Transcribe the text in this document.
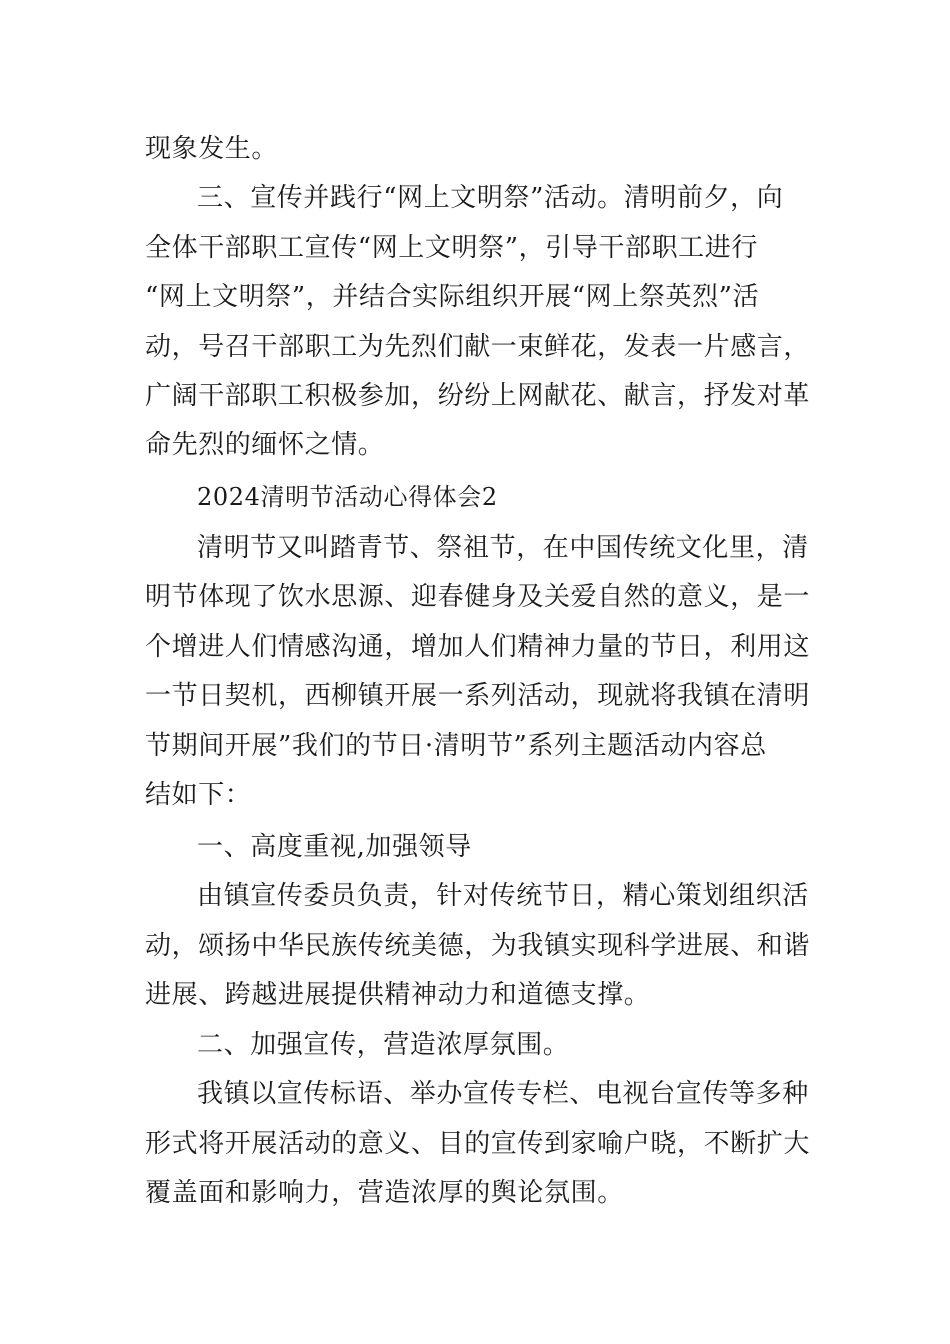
现象发生。
三、宣传并践行“网上文明祭”活动。清明前夕，向
全体干部职工宣传“网上文明祭”，引导干部职工进行
“网上文明祭”，并结合实际组织开展“网上祭英烈”活
动，号召干部职工为先烈们献一束鲜花，发表一片感言，
广阔干部职工积极参加，纷纷上网献花、献言，抒发对革
命先烈的缅怀之情。
2024清明节活动心得体会2
清明节又叫踏青节、祭祖节，在中国传统文化里，清
明节体现了饮水思源、迎春健身及关爱自然的意义，是一
个增进人们情感沟通，增加人们精神力量的节日，利用这
一节日契机，西柳镇开展一系列活动，现就将我镇在清明
节期间开展”我们的节日·清明节”系列主题活动内容总
结如下：
一、高度重视,加强领导
由镇宣传委员负责，针对传统节日，精心策划组织活
动，颂扬中华民族传统美德，为我镇实现科学进展、和谐
进展、跨越进展提供精神动力和道德支撑。
二、加强宣传，营造浓厚氛围。
我镇以宣传标语、举办宣传专栏、电视台宣传等多种
形式将开展活动的意义、目的宣传到家喻户晓，不断扩大
覆盖面和影响力，营造浓厚的舆论氛围。
